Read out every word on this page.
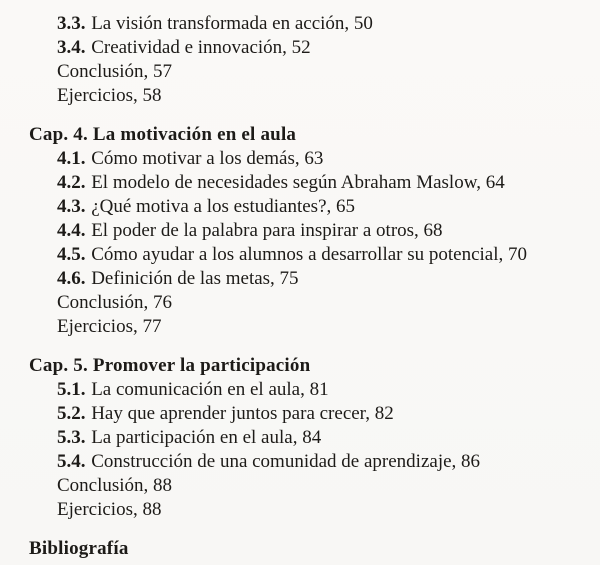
3.3. La visión transformada en acción, 50
3.4. Creatividad e innovación, 52
Conclusión, 57
Ejercicios, 58
Cap. 4. La motivación en el aula
4.1. Cómo motivar a los demás, 63
4.2. El modelo de necesidades según Abraham Maslow, 64
4.3. ¿Qué motiva a los estudiantes?, 65
4.4. El poder de la palabra para inspirar a otros, 68
4.5. Cómo ayudar a los alumnos a desarrollar su potencial, 70
4.6. Definición de las metas, 75
Conclusión, 76
Ejercicios, 77
Cap. 5. Promover la participación
5.1. La comunicación en el aula, 81
5.2. Hay que aprender juntos para crecer, 82
5.3. La participación en el aula, 84
5.4. Construcción de una comunidad de aprendizaje, 86
Conclusión, 88
Ejercicios, 88
Bibliografía
